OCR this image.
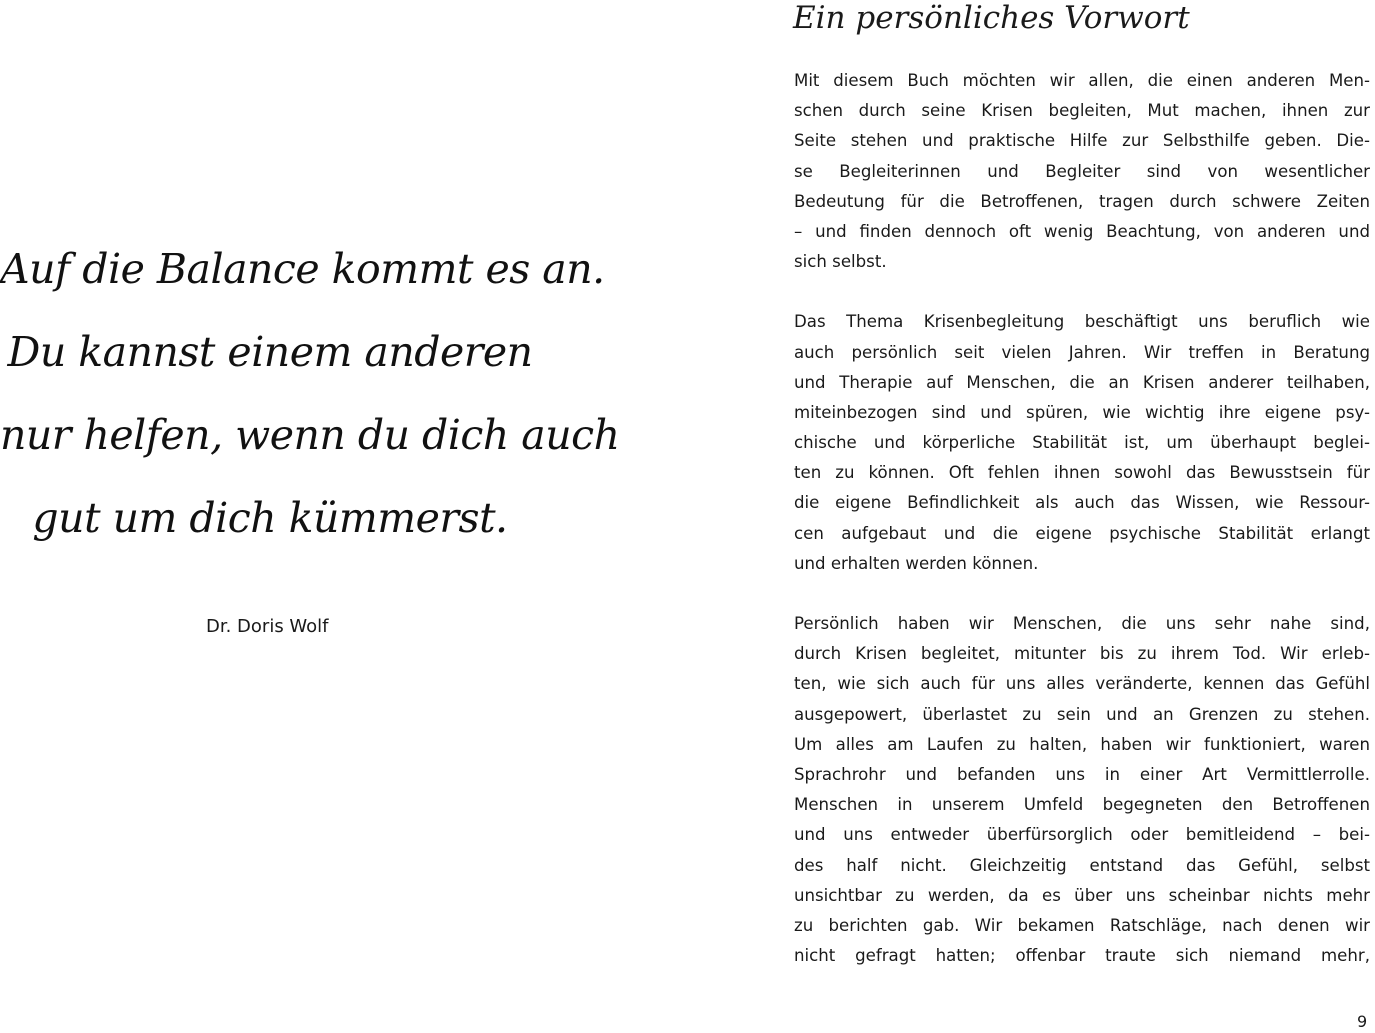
Auf die Balance kommt es an.
Du kannst einem anderen
nur helfen, wenn du dich auch
gut um dich kümmerst.
Dr. Doris Wolf
Ein persönliches Vorwort
Mit diesem Buch möchten wir allen, die einen anderen Men-
schen durch seine Krisen begleiten, Mut machen, ihnen zur
Seite stehen und praktische Hilfe zur Selbsthilfe geben. Die-
se Begleiterinnen und Begleiter sind von wesentlicher
Bedeutung für die Betroffenen, tragen durch schwere Zeiten
– und finden dennoch oft wenig Beachtung, von anderen und
sich selbst.
Das Thema Krisenbegleitung beschäftigt uns beruflich wie
auch persönlich seit vielen Jahren. Wir treffen in Beratung
und Therapie auf Menschen, die an Krisen anderer teilhaben,
miteinbezogen sind und spüren, wie wichtig ihre eigene psy-
chische und körperliche Stabilität ist, um überhaupt beglei-
ten zu können. Oft fehlen ihnen sowohl das Bewusstsein für
die eigene Befindlichkeit als auch das Wissen, wie Ressour-
cen aufgebaut und die eigene psychische Stabilität erlangt
und erhalten werden können.
Persönlich haben wir Menschen, die uns sehr nahe sind,
durch Krisen begleitet, mitunter bis zu ihrem Tod. Wir erleb-
ten, wie sich auch für uns alles veränderte, kennen das Gefühl
ausgepowert, überlastet zu sein und an Grenzen zu stehen.
Um alles am Laufen zu halten, haben wir funktioniert, waren
Sprachrohr und befanden uns in einer Art Vermittlerrolle.
Menschen in unserem Umfeld begegneten den Betroffenen
und uns entweder überfürsorglich oder bemitleidend – bei-
des half nicht. Gleichzeitig entstand das Gefühl, selbst
unsichtbar zu werden, da es über uns scheinbar nichts mehr
zu berichten gab. Wir bekamen Ratschläge, nach denen wir
nicht gefragt hatten; offenbar traute sich niemand mehr,
9
